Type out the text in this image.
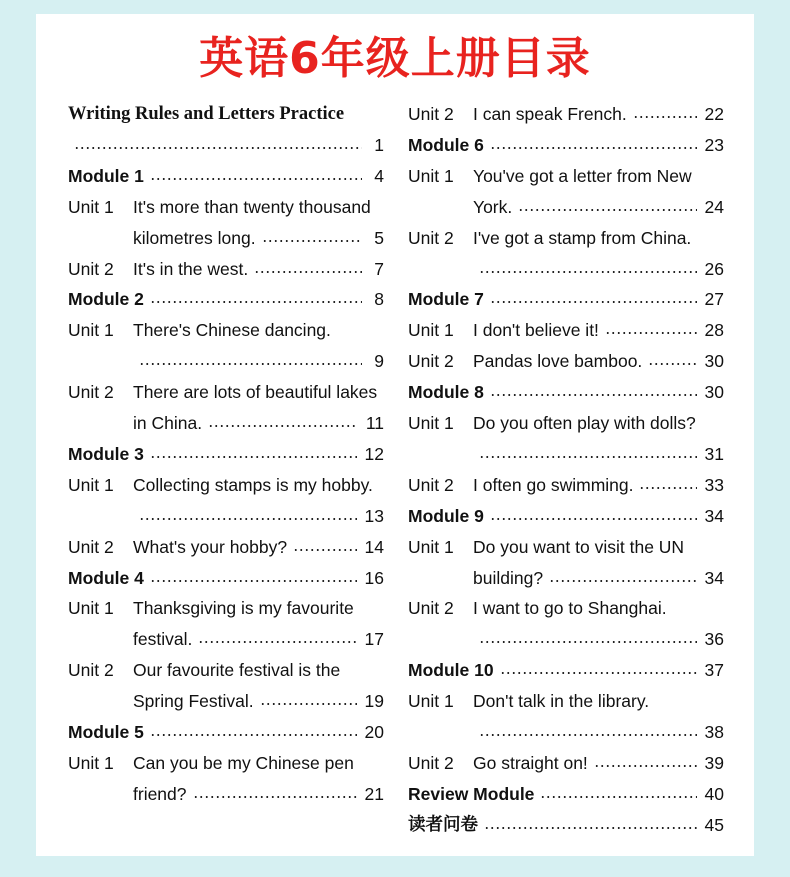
英语6年级上册目录
Writing Rules and Letters Practice
1
Module 1	4
Unit 1	It's more than twenty thousand
kilometres long.	5
Unit 2	It's in the west.	7
Module 2	8
Unit 1	There's Chinese dancing.
9
Unit 2	There are lots of beautiful lakes
in China.	11
Module 3	12
Unit 1	Collecting stamps is my hobby.
13
Unit 2	What's your hobby?	14
Module 4	16
Unit 1	Thanksgiving is my favourite
festival.	17
Unit 2	Our favourite festival is the
Spring Festival.	19
Module 5	20
Unit 1	Can you be my Chinese pen
friend?	21
Unit 2	I can speak French.	22
Module 6	23
Unit 1	You've got a letter from New
York.	24
Unit 2	I've got a stamp from China.
26
Module 7	27
Unit 1	I don't believe it!	28
Unit 2	Pandas love bamboo.	30
Module 8	30
Unit 1	Do you often play with dolls?
31
Unit 2	I often go swimming.	33
Module 9	34
Unit 1	Do you want to visit the UN
building?	34
Unit 2	I want to go to Shanghai.
36
Module 10	37
Unit 1	Don't talk in the library.
38
Unit 2	Go straight on!	39
Review Module	40
读者问卷	45
